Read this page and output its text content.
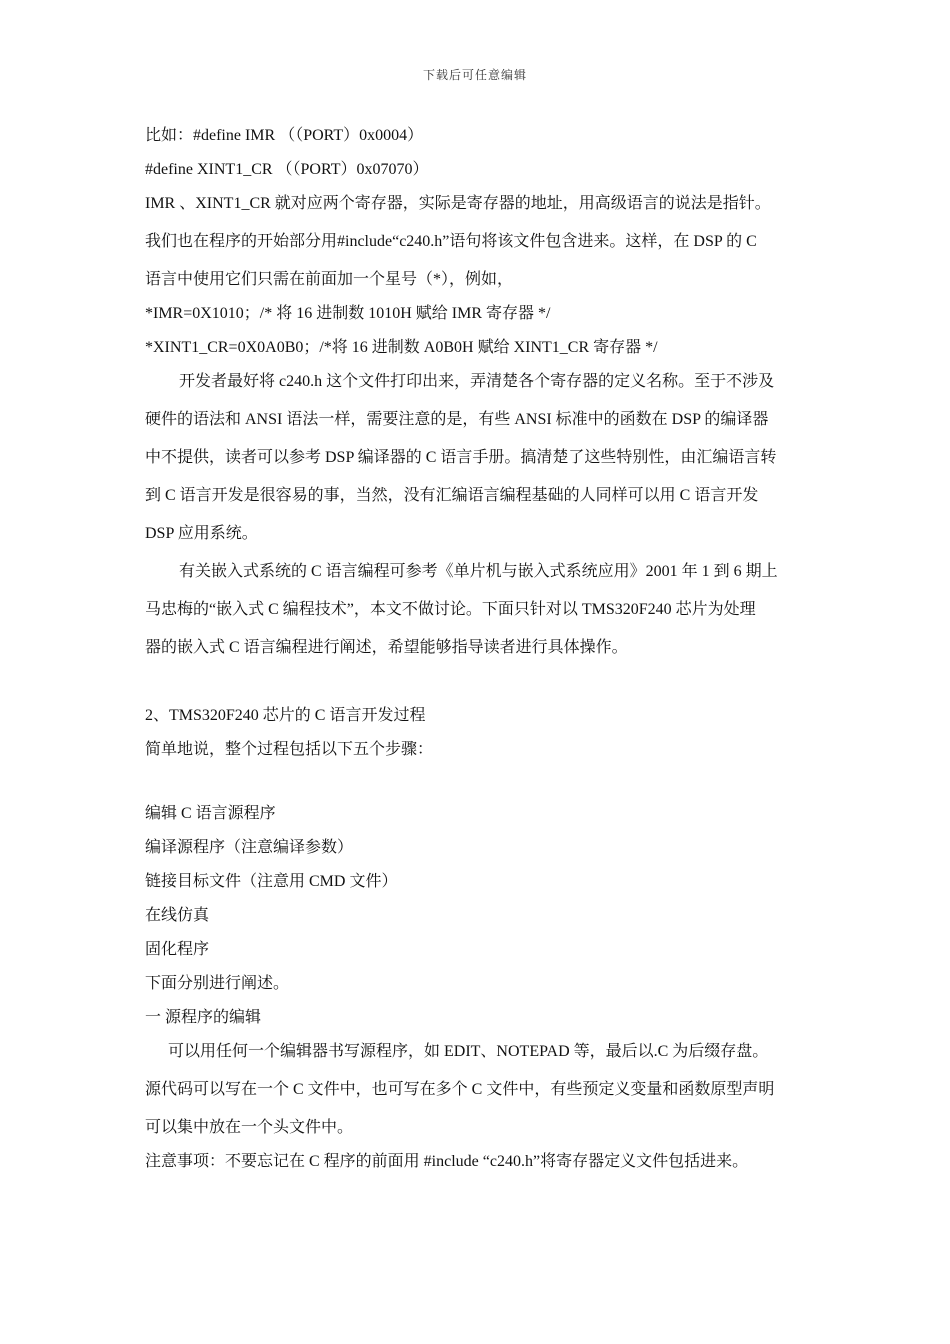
下载后可任意编辑
比如：#define IMR （（PORT）0x0004）
#define XINT1_CR （（PORT）0x07070）
IMR 、XINT1_CR 就对应两个寄存器，实际是寄存器的地址，用高级语言的说法是指针。
我们也在程序的开始部分用#include“c240.h”语句将该文件包含进来。这样，在 DSP 的 C
语言中使用它们只需在前面加一个星号（*），例如，
*IMR=0X1010；/* 将 16 进制数 1010H 赋给 IMR 寄存器 */
*XINT1_CR=0X0A0B0；/*将 16 进制数 A0B0H 赋给 XINT1_CR 寄存器 */
开发者最好将 c240.h 这个文件打印出来，弄清楚各个寄存器的定义名称。至于不涉及
硬件的语法和 ANSI 语法一样，需要注意的是，有些 ANSI 标准中的函数在 DSP 的编译器
中不提供，读者可以参考 DSP 编译器的 C 语言手册。搞清楚了这些特别性，由汇编语言转
到 C 语言开发是很容易的事，当然，没有汇编语言编程基础的人同样可以用 C 语言开发
DSP 应用系统。
有关嵌入式系统的 C 语言编程可参考《单片机与嵌入式系统应用》2001 年 1 到 6 期上
马忠梅的“嵌入式 C 编程技术”，本文不做讨论。下面只针对以 TMS320F240 芯片为处理
器的嵌入式 C 语言编程进行阐述，希望能够指导读者进行具体操作。
2、TMS320F240 芯片的 C 语言开发过程
简单地说，整个过程包括以下五个步骤：
编辑 C 语言源程序
编译源程序（注意编译参数）
链接目标文件（注意用 CMD 文件）
在线仿真
固化程序
下面分别进行阐述。
一 源程序的编辑
可以用任何一个编辑器书写源程序，如 EDIT、NOTEPAD 等，最后以.C 为后缀存盘。
源代码可以写在一个 C 文件中，也可写在多个 C 文件中，有些预定义变量和函数原型声明
可以集中放在一个头文件中。
注意事项：不要忘记在 C 程序的前面用 #include “c240.h”将寄存器定义文件包括进来。
